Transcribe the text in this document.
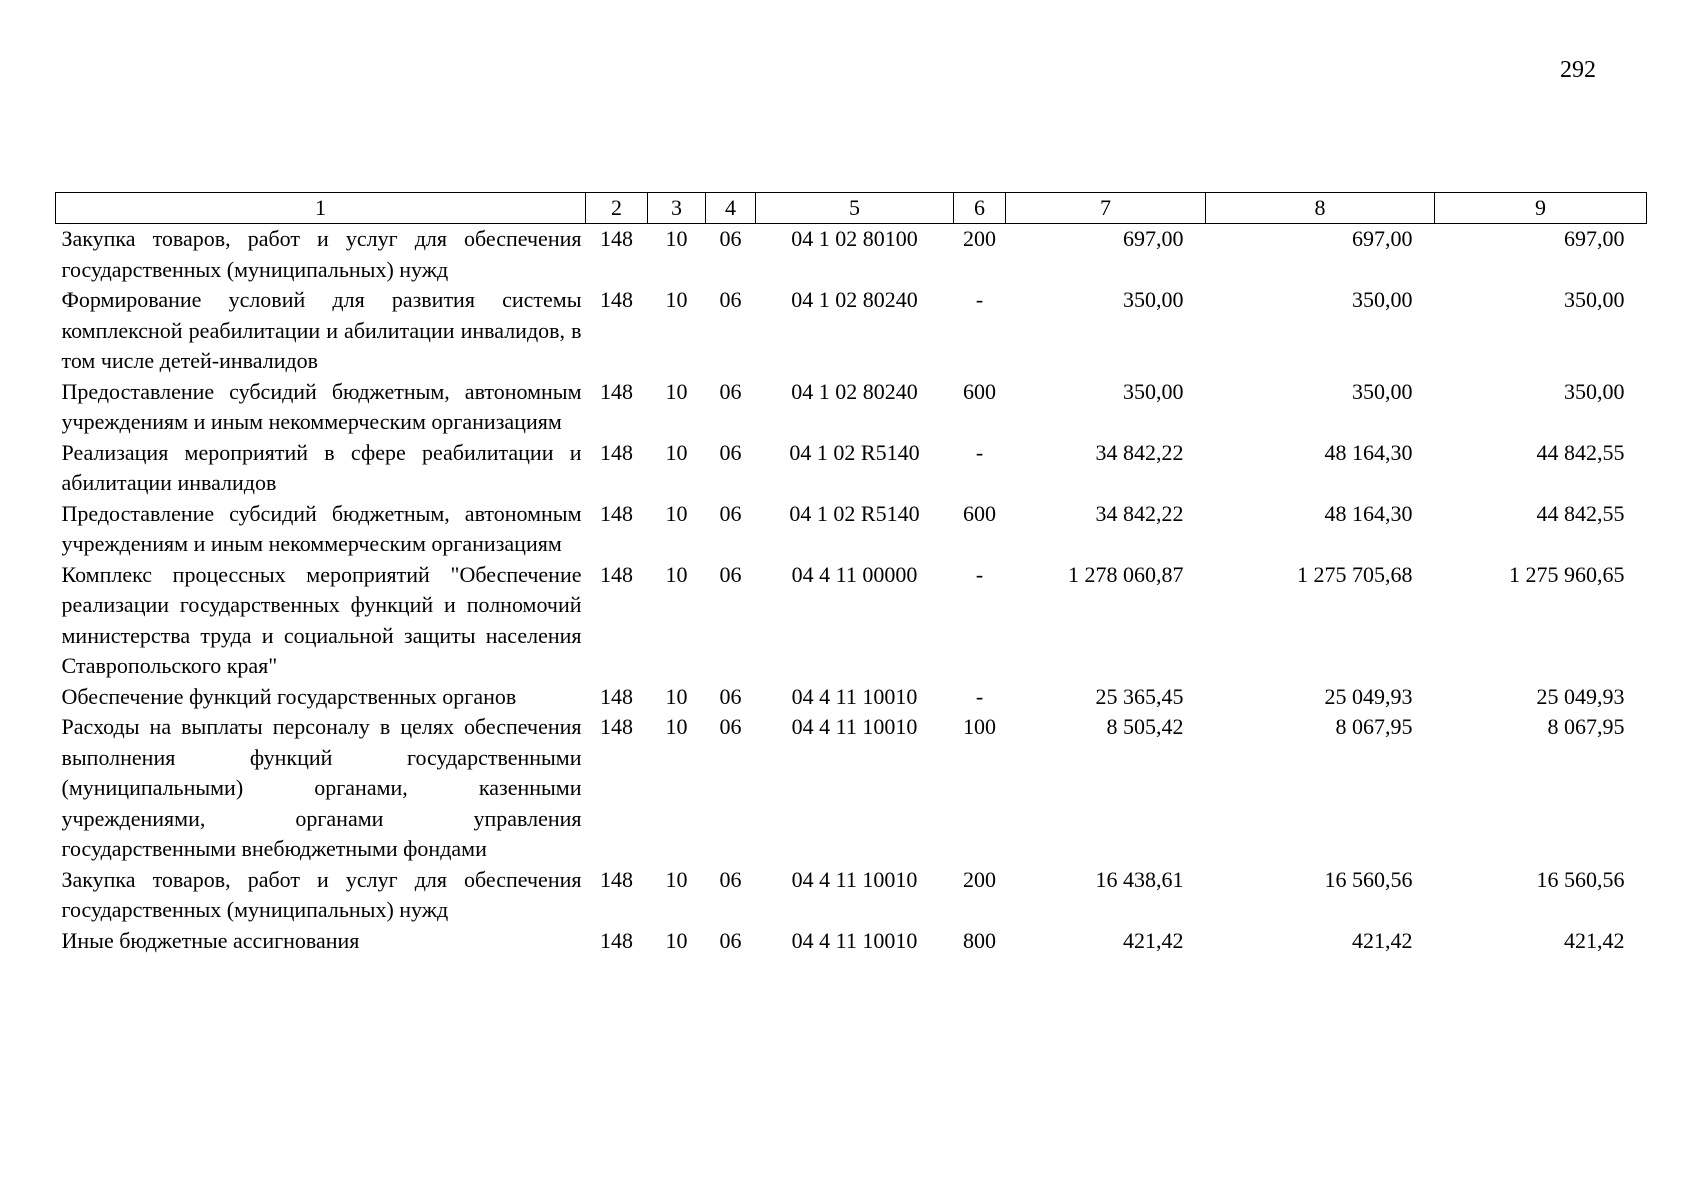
292
1	2	3	4	5	6	7	8	9
Закупка товаров, работ и услуг для обеспечения государственных (муниципальных) нужд	148	10	06	04 1 02 80100	200	697,00	697,00	697,00
Формирование условий для развития системы комплексной реабилитации и абилитации инвалидов, в том числе детей-инвалидов	148	10	06	04 1 02 80240	-	350,00	350,00	350,00
Предоставление субсидий бюджетным, автономным учреждениям и иным некоммерческим организациям	148	10	06	04 1 02 80240	600	350,00	350,00	350,00
Реализация мероприятий в сфере реабилитации и абилитации инвалидов	148	10	06	04 1 02 R5140	-	34 842,22	48 164,30	44 842,55
Предоставление субсидий бюджетным, автономным учреждениям и иным некоммерческим организациям	148	10	06	04 1 02 R5140	600	34 842,22	48 164,30	44 842,55
Комплекс процессных мероприятий "Обеспечение реализации государственных функций и полномочий министерства труда и социальной защиты населения Ставропольского края"	148	10	06	04 4 11 00000	-	1 278 060,87	1 275 705,68	1 275 960,65
Обеспечение функций государственных органов	148	10	06	04 4 11 10010	-	25 365,45	25 049,93	25 049,93
Расходы на выплаты персоналу в целях обеспечения выполнения функций государственными (муниципальными) органами, казенными учреждениями, органами управления государственными внебюджетными фондами	148	10	06	04 4 11 10010	100	8 505,42	8 067,95	8 067,95
Закупка товаров, работ и услуг для обеспечения государственных (муниципальных) нужд	148	10	06	04 4 11 10010	200	16 438,61	16 560,56	16 560,56
Иные бюджетные ассигнования	148	10	06	04 4 11 10010	800	421,42	421,42	421,42
